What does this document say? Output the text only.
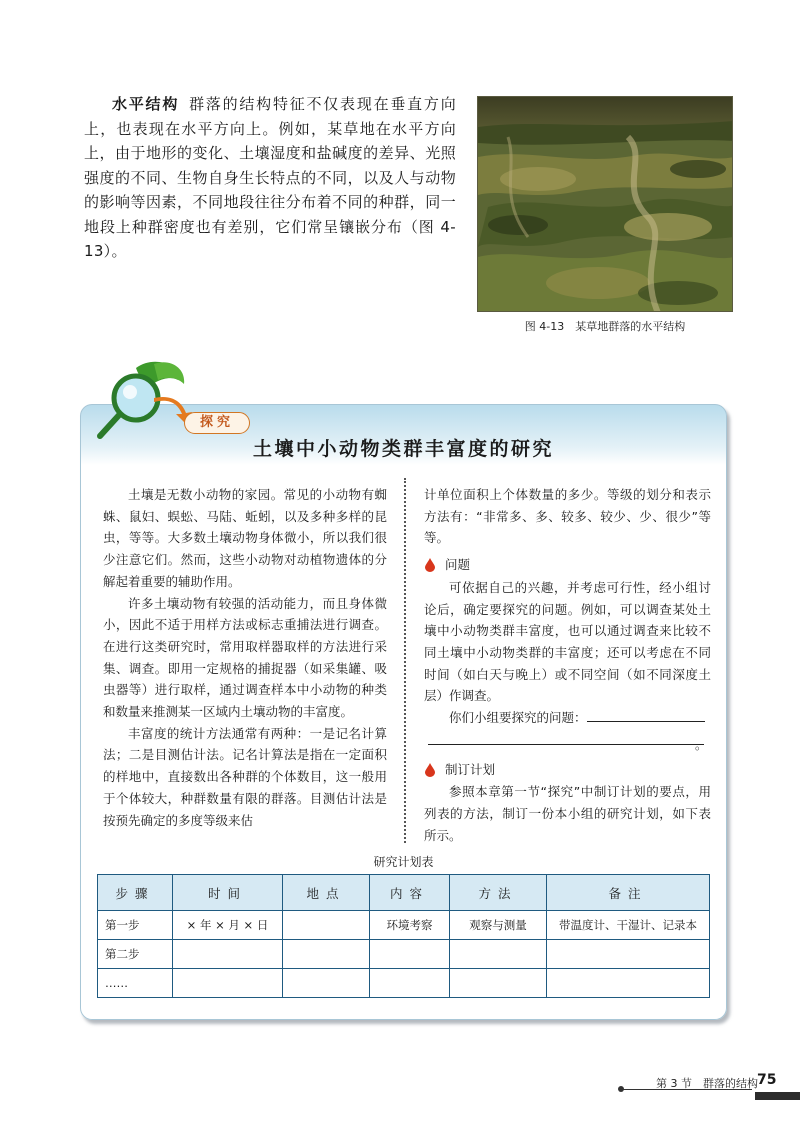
水平结构 群落的结构特征不仅表现在垂直方向上，也表现在水平方向上。例如，某草地在水平方向上，由于地形的变化、土壤湿度和盐碱度的差异、光照强度的不同、生物自身生长特点的不同，以及人与动物的影响等因素，不同地段往往分布着不同的种群，同一地段上种群密度也有差别，它们常呈镶嵌分布（图 4-13）。
图 4-13　某草地群落的水平结构
探究
土壤中小动物类群丰富度的研究

土壤是无数小动物的家园。常见的小动物有蜘蛛、鼠妇、蜈蚣、马陆、蚯蚓，以及多种多样的昆虫，等等。大多数土壤动物身体微小，所以我们很少注意它们。然而，这些小动物对动植物遗体的分解起着重要的辅助作用。

许多土壤动物有较强的活动能力，而且身体微小，因此不适于用样方法或标志重捕法进行调查。在进行这类研究时，常用取样器取样的方法进行采集、调查。即用一定规格的捕捉器（如采集罐、吸虫器等）进行取样，通过调查样本中小动物的种类和数量来推测某一区域内土壤动物的丰富度。

丰富度的统计方法通常有两种：一是记名计算法；二是目测估计法。记名计算法是指在一定面积的样地中，直接数出各种群的个体数目，这一般用于个体较大，种群数量有限的群落。目测估计法是按预先确定的多度等级来估

计单位面积上个体数量的多少。等级的划分和表示方法有：“非常多、多、较多、较少、少、很少”等等。

问题

可依据自己的兴趣，并考虑可行性，经小组讨论后，确定要探究的问题。例如，可以调查某处土壤中小动物类群丰富度，也可以通过调查来比较不同土壤中小动物类群的丰富度；还可以考虑在不同时间（如白天与晚上）或不同空间（如不同深度土层）作调查。

你们小组要探究的问题：

。
制订计划

参照本章第一节“探究”中制订计划的要点，用列表的方法，制订一份本小组的研究计划，如下表所示。

研究计划表
步骤	时间	地点	内容	方法	备注
第一步	× 年 × 月 × 日		环境考察	观察与测量	带温度计、干湿计、记录本
第二步					
……					
第 3 节　群落的结构 75
